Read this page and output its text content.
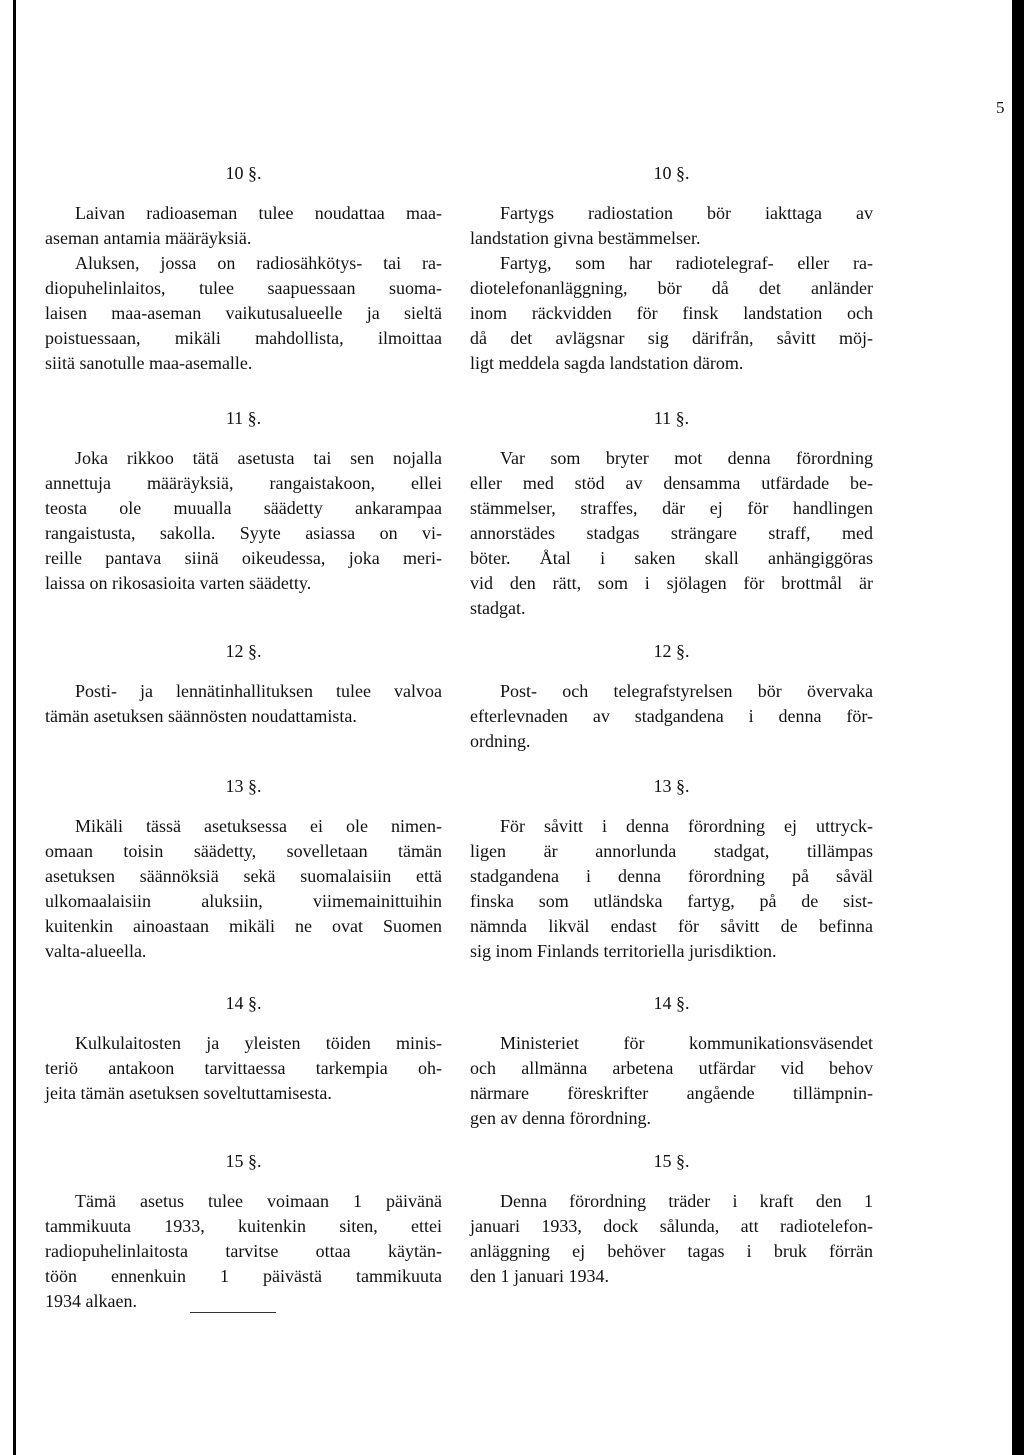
5
10 §.
Laivan radioaseman tulee noudattaa maa-
aseman antamia määräyksiä.
Aluksen, jossa on radiosähkötys- tai ra-
diopuhelinlaitos, tulee saapuessaan suoma-
laisen maa-aseman vaikutusalueelle ja sieltä
poistuessaan, mikäli mahdollista, ilmoittaa
siitä sanotulle maa-asemalle.
10 §.
Fartygs radiostation bör iakttaga av
landstation givna bestämmelser.
Fartyg, som har radiotelegraf- eller ra-
diotelefonanläggning, bör då det anländer
inom räckvidden för finsk landstation och
då det avlägsnar sig därifrån, såvitt möj-
ligt meddela sagda landstation därom.
11 §.
Joka rikkoo tätä asetusta tai sen nojalla
annettuja määräyksiä, rangaistakoon, ellei
teosta ole muualla säädetty ankarampaa
rangaistusta, sakolla. Syyte asiassa on vi-
reille pantava siinä oikeudessa, joka meri-
laissa on rikosasioita varten säädetty.
11 §.
Var som bryter mot denna förordning
eller med stöd av densamma utfärdade be-
stämmelser, straffes, där ej för handlingen
annorstädes stadgas strängare straff, med
böter. Åtal i saken skall anhängiggöras
vid den rätt, som i sjölagen för brottmål är
stadgat.
12 §.
Posti- ja lennätinhallituksen tulee valvoa
tämän asetuksen säännösten noudattamista.
12 §.
Post- och telegrafstyrelsen bör övervaka
efterlevnaden av stadgandena i denna för-
ordning.
13 §.
Mikäli tässä asetuksessa ei ole nimen-
omaan toisin säädetty, sovelletaan tämän
asetuksen säännöksiä sekä suomalaisiin että
ulkomaalaisiin aluksiin, viimemainittuihin
kuitenkin ainoastaan mikäli ne ovat Suomen
valta-alueella.
13 §.
För såvitt i denna förordning ej uttryck-
ligen är annorlunda stadgat, tillämpas
stadgandena i denna förordning på såväl
finska som utländska fartyg, på de sist-
nämnda likväl endast för såvitt de befinna
sig inom Finlands territoriella jurisdiktion.
14 §.
Kulkulaitosten ja yleisten töiden minis-
teriö antakoon tarvittaessa tarkempia oh-
jeita tämän asetuksen soveltuttamisesta.
14 §.
Ministeriet för kommunikationsväsendet
och allmänna arbetena utfärdar vid behov
närmare föreskrifter angående tillämpnin-
gen av denna förordning.
15 §.
Tämä asetus tulee voimaan 1 päivänä
tammikuuta 1933, kuitenkin siten, ettei
radiopuhelinlaitosta tarvitse ottaa käytän-
töön ennenkuin 1 päivästä tammikuuta
1934 alkaen.
15 §.
Denna förordning träder i kraft den 1
januari 1933, dock sålunda, att radiotelefon-
anläggning ej behöver tagas i bruk förrän
den 1 januari 1934.
